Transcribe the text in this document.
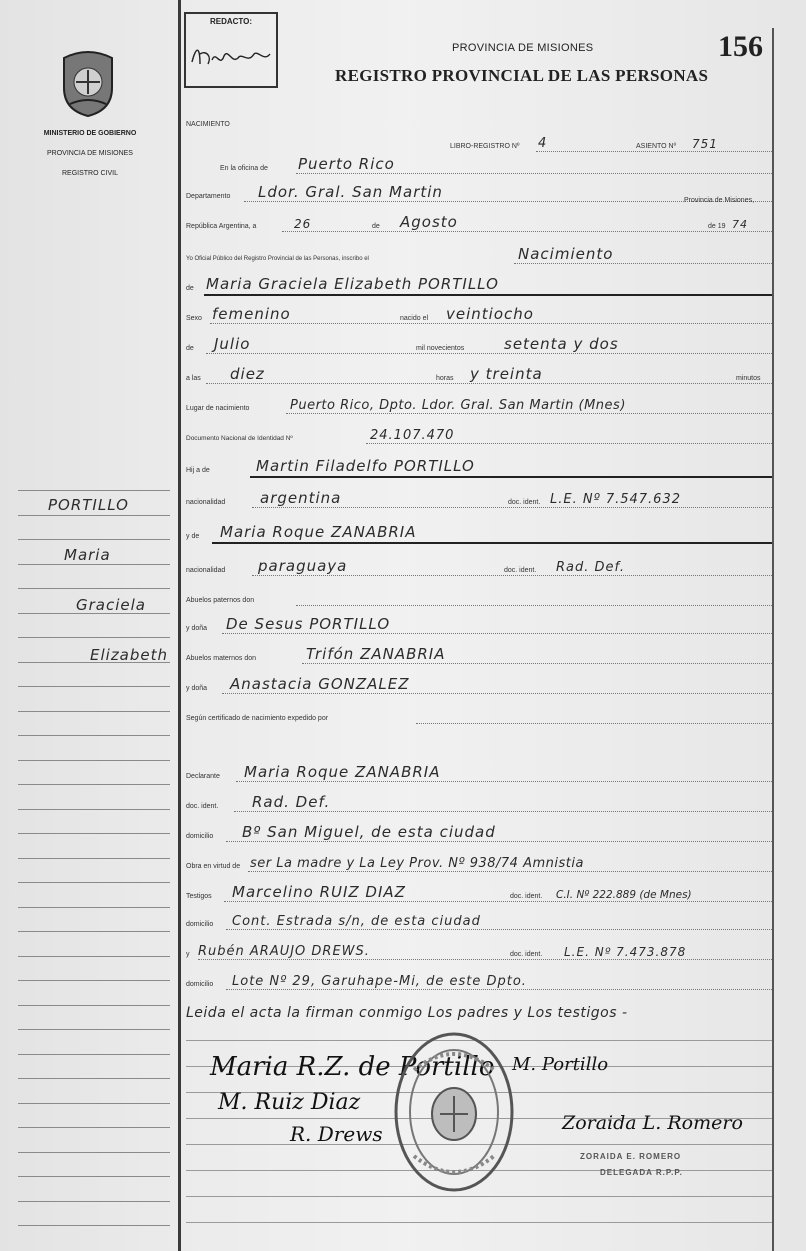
MINISTERIO DE GOBIERNO
PROVINCIA DE MISIONES
REGISTRO CIVIL
PORTILLO
Maria
Graciela
Elizabeth
REDACTO:
PROVINCIA DE MISIONES
REGISTRO PROVINCIAL DE LAS PERSONAS
156
NACIMIENTO
LIBRO-REGISTRO Nº 4	ASIENTO Nº 751
En la oficina de Puerto Rico
Departamento Ldor. Gral. San Martin	Provincia de Misiones,
República Argentina, a	26	de Agosto	de 19 74
Yo Oficial Público del Registro Provincial de las Personas, inscribo el	Nacimiento
de Maria Graciela Elizabeth PORTILLO
Sexo femenino	nacido el veintiocho
de Julio	mil novecientos	setenta y dos
a las diez	horas y treinta	minutos
Lugar de nacimiento	Puerto Rico, Dpto. Ldor. Gral. San Martin (Mnes)
Documento Nacional de Identidad Nº	24.107.470
Hij a de	Martin Filadelfo PORTILLO
nacionalidad argentina	doc. ident. L.E. Nº 7.547.632
y de Maria Roque ZANABRIA
nacionalidad paraguaya	doc. ident. Rad. Def.
Abuelos paternos don
y doña De Sesus PORTILLO
Abuelos maternos don	Trifón ZANABRIA
y doña Anastacia GONZALEZ
Según certificado de nacimiento expedido por
Declarante Maria Roque ZANABRIA
doc. ident. Rad. Def.
domicilio Bº San Miguel, de esta ciudad
Obra en virtud de ser La madre y La Ley Prov. Nº 938/74 Amnistia
Testigos Marcelino RUIZ DIAZ	doc. ident. C.I. Nº 222.889 (de Mnes)
domicilio Cont. Estrada s/n, de esta ciudad
y Rubén ARAUJO DREWS.	doc. ident. L.E. Nº 7.473.878
domicilio Lote Nº 29, Garuhape-Mi, de este Dpto.
Leida el acta la firman conmigo Los padres y Los testigos -
Maria R.Z. de Portillo M. Portillo
M. Ruiz Diaz
R. Drews	Zoraida L. Romero
ZORAIDA E. ROMERO
DELEGADA R.P.P.
